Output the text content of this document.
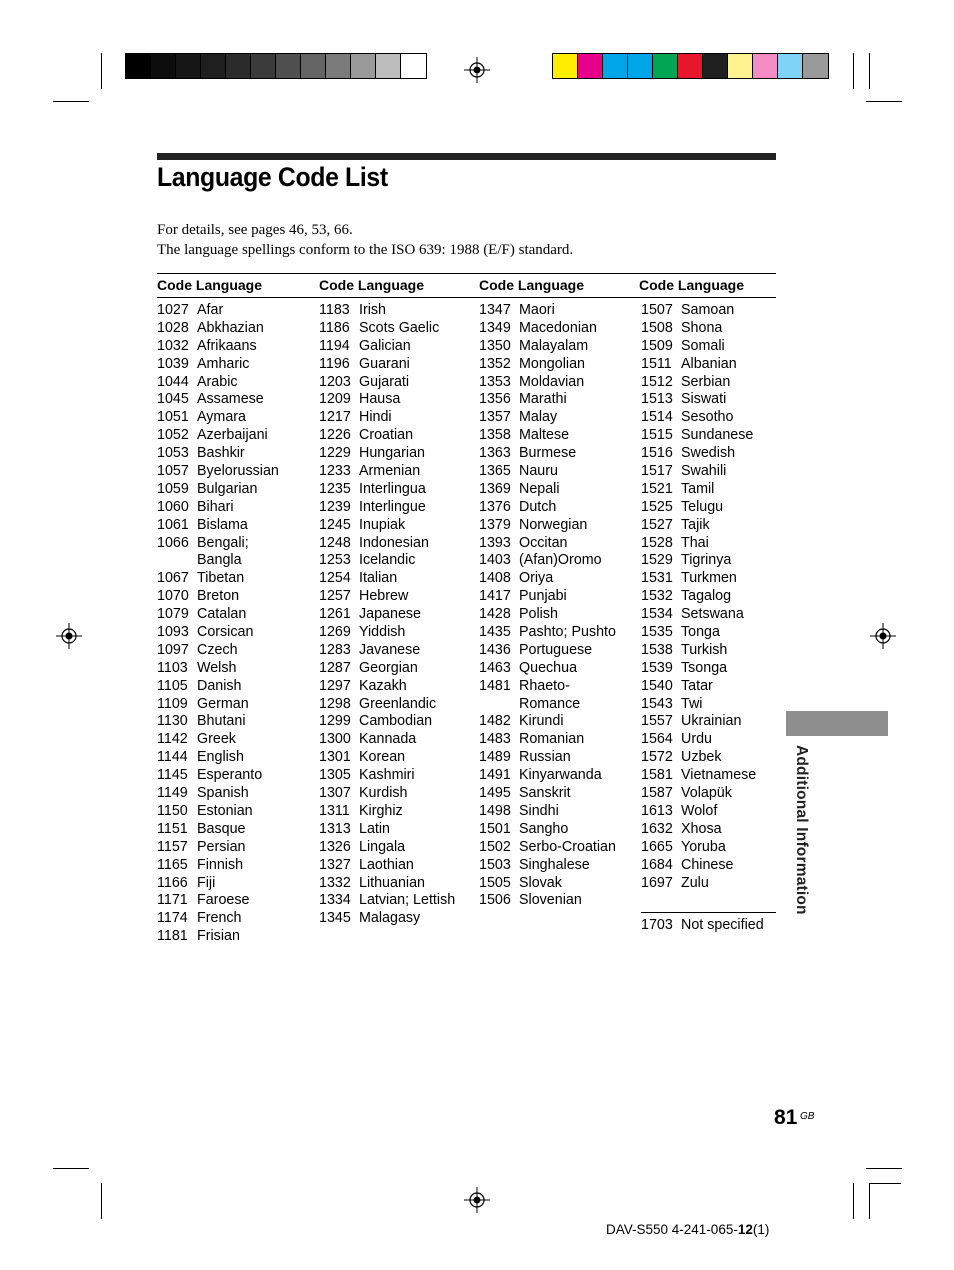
Language Code List
For details, see pages 46, 53, 66.
The language spellings conform to the ISO 639: 1988 (E/F) standard.
Code Language	Code Language	Code Language	Code Language
1027 Afar
1028 Abkhazian
1032 Afrikaans
1039 Amharic
1044 Arabic
1045 Assamese
1051 Aymara
1052 Azerbaijani
1053 Bashkir
1057 Byelorussian
1059 Bulgarian
1060 Bihari
1061 Bislama
1066 Bengali;
Bangla
1067 Tibetan
1070 Breton
1079 Catalan
1093 Corsican
1097 Czech
1103 Welsh
1105 Danish
1109 German
1130 Bhutani
1142 Greek
1144 English
1145 Esperanto
1149 Spanish
1150 Estonian
1151 Basque
1157 Persian
1165 Finnish
1166 Fiji
1171 Faroese
1174 French
1181 Frisian
1183 Irish
1186 Scots Gaelic
1194 Galician
1196 Guarani
1203 Gujarati
1209 Hausa
1217 Hindi
1226 Croatian
1229 Hungarian
1233 Armenian
1235 Interlingua
1239 Interlingue
1245 Inupiak
1248 Indonesian
1253 Icelandic
1254 Italian
1257 Hebrew
1261 Japanese
1269 Yiddish
1283 Javanese
1287 Georgian
1297 Kazakh
1298 Greenlandic
1299 Cambodian
1300 Kannada
1301 Korean
1305 Kashmiri
1307 Kurdish
1311 Kirghiz
1313 Latin
1326 Lingala
1327 Laothian
1332 Lithuanian
1334 Latvian; Lettish
1345 Malagasy
1347 Maori
1349 Macedonian
1350 Malayalam
1352 Mongolian
1353 Moldavian
1356 Marathi
1357 Malay
1358 Maltese
1363 Burmese
1365 Nauru
1369 Nepali
1376 Dutch
1379 Norwegian
1393 Occitan
1403 (Afan)Oromo
1408 Oriya
1417 Punjabi
1428 Polish
1435 Pashto; Pushto
1436 Portuguese
1463 Quechua
1481 Rhaeto-
Romance
1482 Kirundi
1483 Romanian
1489 Russian
1491 Kinyarwanda
1495 Sanskrit
1498 Sindhi
1501 Sangho
1502 Serbo-Croatian
1503 Singhalese
1505 Slovak
1506 Slovenian
1507 Samoan
1508 Shona
1509 Somali
1511 Albanian
1512 Serbian
1513 Siswati
1514 Sesotho
1515 Sundanese
1516 Swedish
1517 Swahili
1521 Tamil
1525 Telugu
1527 Tajik
1528 Thai
1529 Tigrinya
1531 Turkmen
1532 Tagalog
1534 Setswana
1535 Tonga
1538 Turkish
1539 Tsonga
1540 Tatar
1543 Twi
1557 Ukrainian
1564 Urdu
1572 Uzbek
1581 Vietnamese
1587 Volapük
1613 Wolof
1632 Xhosa
1665 Yoruba
1684 Chinese
1697 Zulu
1703 Not specified
Additional Information
81 GB
DAV-S550 4-241-065-12(1)
